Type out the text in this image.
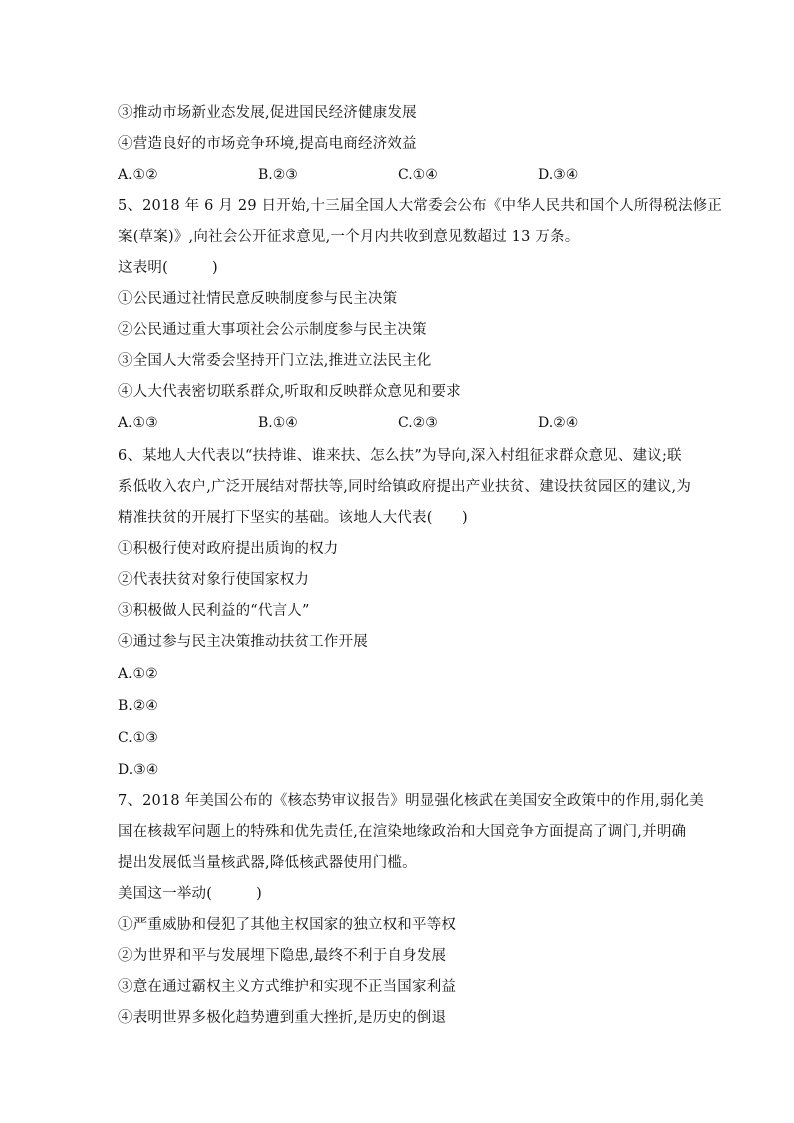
③推动市场新业态发展,促进国民经济健康发展
④营造良好的市场竞争环境,提高电商经济效益
A.①②	B.②③	C.①④	D.③④
5、2018 年 6 月 29 日开始,十三届全国人大常委会公布《中华人民共和国个人所得税法修正
案(草案)》,向社会公开征求意见,一个月内共收到意见数超过 13 万条。
这表明(　　　)
①公民通过社情民意反映制度参与民主决策
②公民通过重大事项社会公示制度参与民主决策
③全国人大常委会坚持开门立法,推进立法民主化
④人大代表密切联系群众,听取和反映群众意见和要求
A.①③	B.①④	C.②③	D.②④
6、某地人大代表以“扶持谁、谁来扶、怎么扶”为导向,深入村组征求群众意见、建议;联
系低收入农户,广泛开展结对帮扶等,同时给镇政府提出产业扶贫、建设扶贫园区的建议,为
精准扶贫的开展打下坚实的基础。该地人大代表(　　)
①积极行使对政府提出质询的权力
②代表扶贫对象行使国家权力
③积极做人民利益的“代言人”
④通过参与民主决策推动扶贫工作开展
A.①②
B.②④
C.①③
D.③④
7、2018 年美国公布的《核态势审议报告》明显强化核武在美国安全政策中的作用,弱化美
国在核裁军问题上的特殊和优先责任,在渲染地缘政治和大国竞争方面提高了调门,并明确
提出发展低当量核武器,降低核武器使用门槛。
美国这一举动(　　　)
①严重威胁和侵犯了其他主权国家的独立权和平等权
②为世界和平与发展埋下隐患,最终不利于自身发展
③意在通过霸权主义方式维护和实现不正当国家利益
④表明世界多极化趋势遭到重大挫折,是历史的倒退
